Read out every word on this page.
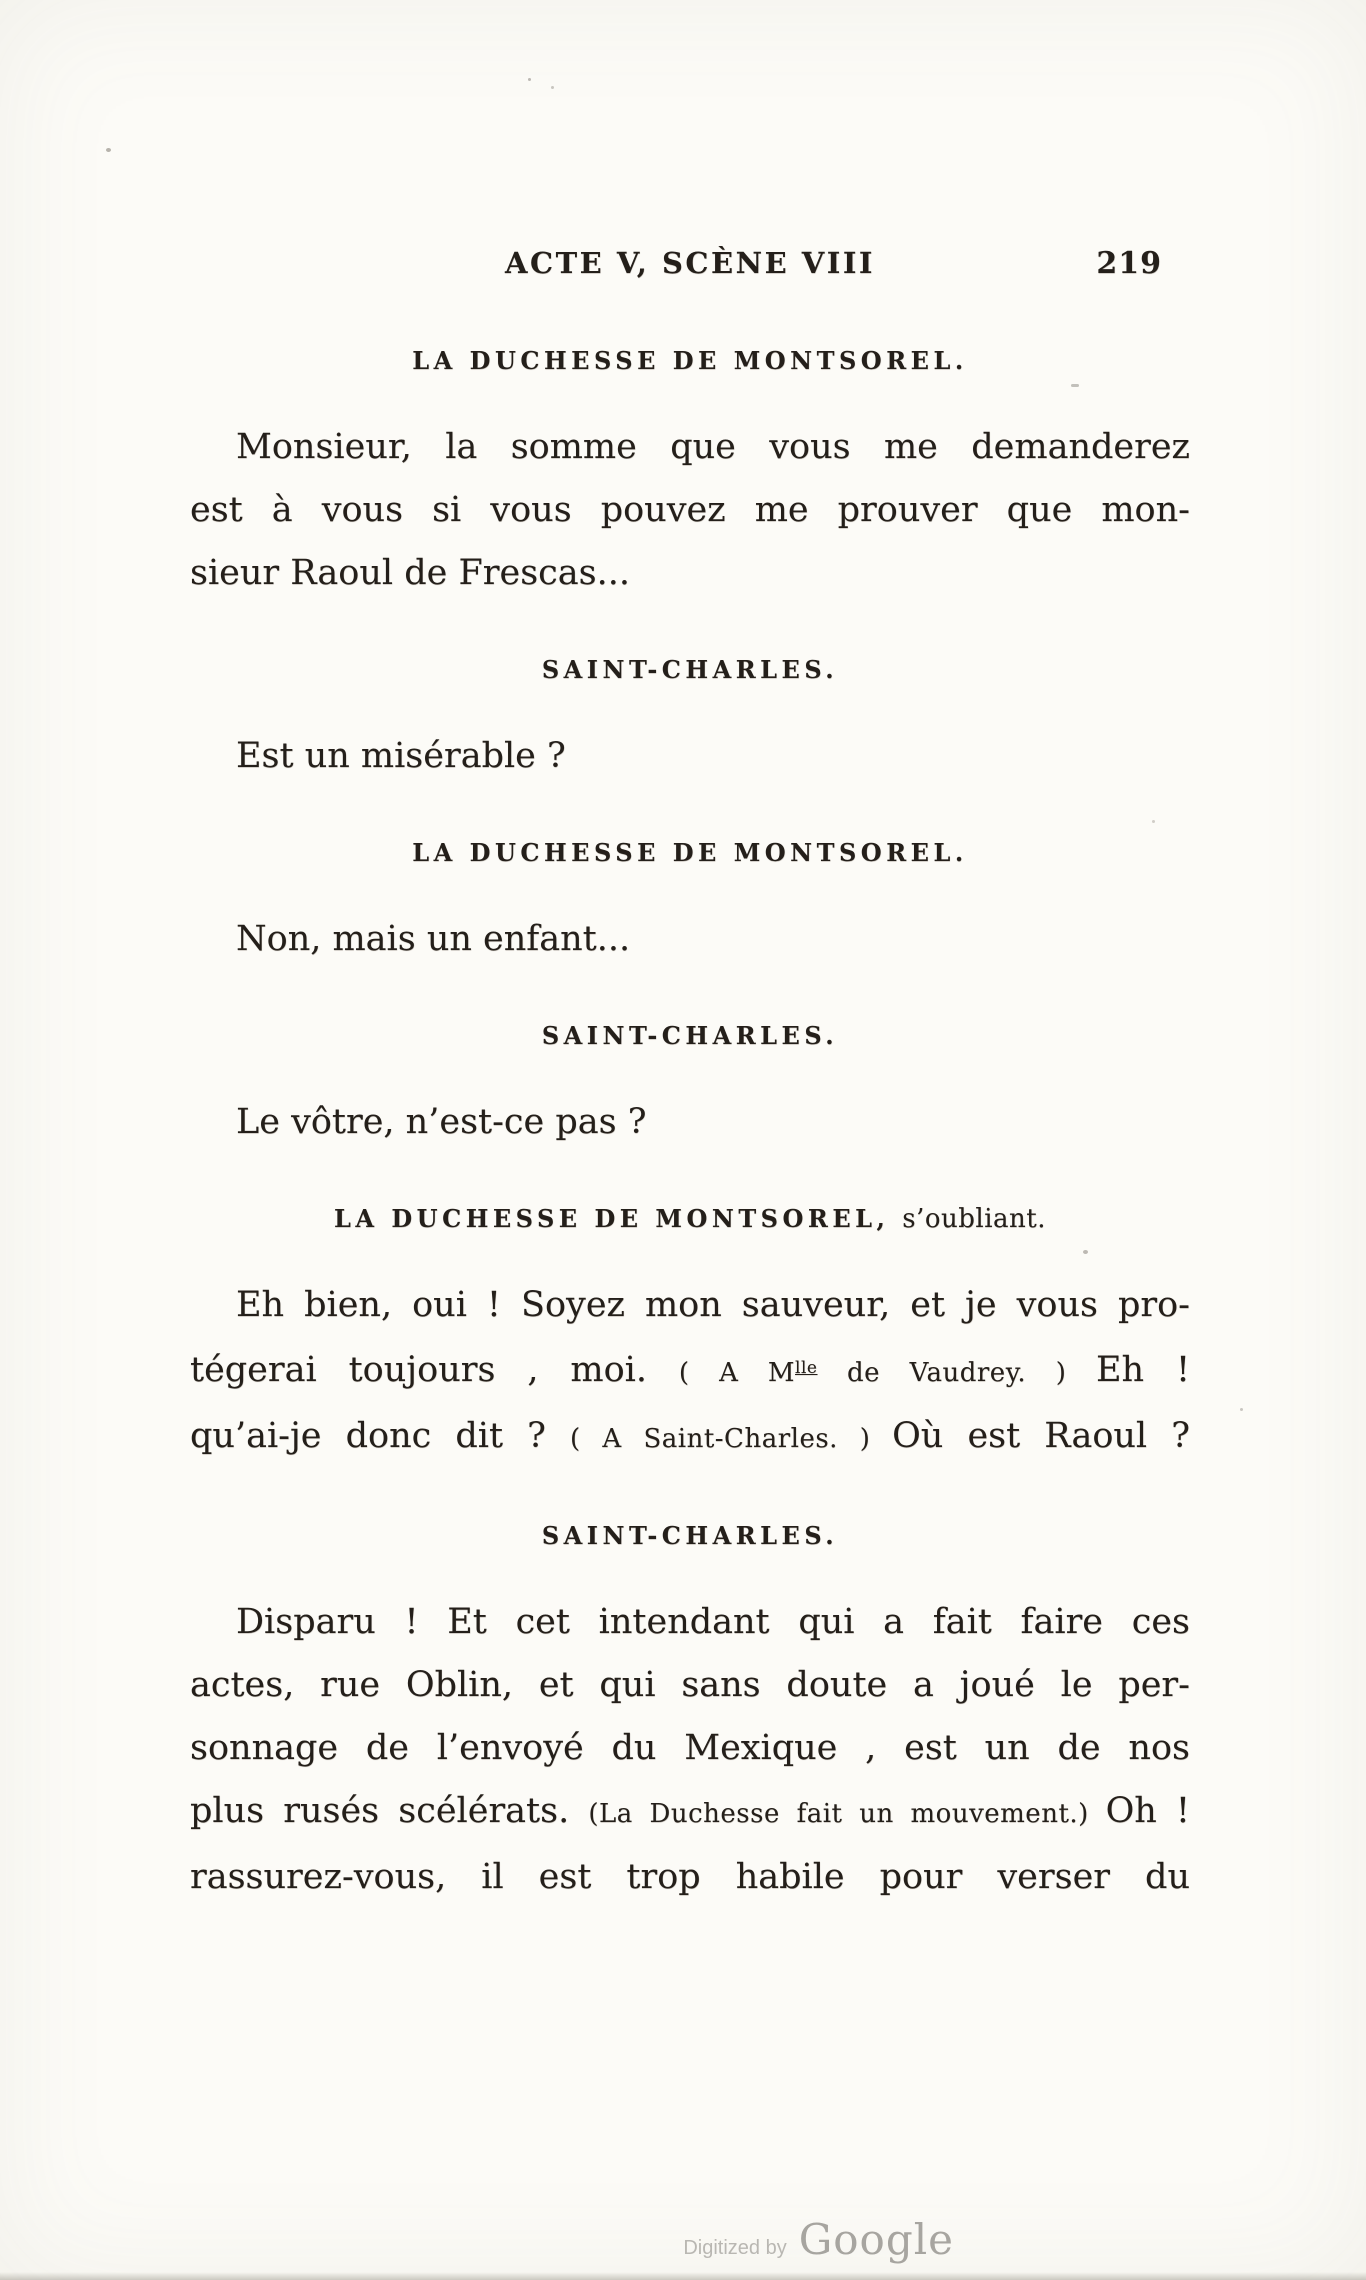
ACTE V, SCÈNE VIII	219
LA DUCHESSE DE MONTSOREL.
Monsieur, la somme que vous me demanderez
est à vous si vous pouvez me prouver que mon-
sieur Raoul de Frescas...
SAINT-CHARLES.
Est un misérable ?
LA DUCHESSE DE MONTSOREL.
Non, mais un enfant...
SAINT-CHARLES.
Le vôtre, n’est-ce pas ?
LA DUCHESSE DE MONTSOREL, s’oubliant.
Eh bien, oui ! Soyez mon sauveur, et je vous pro-
tégerai toujours , moi. ( A $M^{lle}$ de Vaudrey. ) Eh !
qu’ai-je donc dit ? ( A Saint-Charles. ) Où est Raoul ?
SAINT-CHARLES.
Disparu ! Et cet intendant qui a fait faire ces
actes, rue Oblin, et qui sans doute a joué le per-
sonnage de l’envoyé du Mexique , est un de nos
plus rusés scélérats. (La Duchesse fait un mouvement.) Oh !
rassurez-vous, il est trop habile pour verser du
Digitized by Google
